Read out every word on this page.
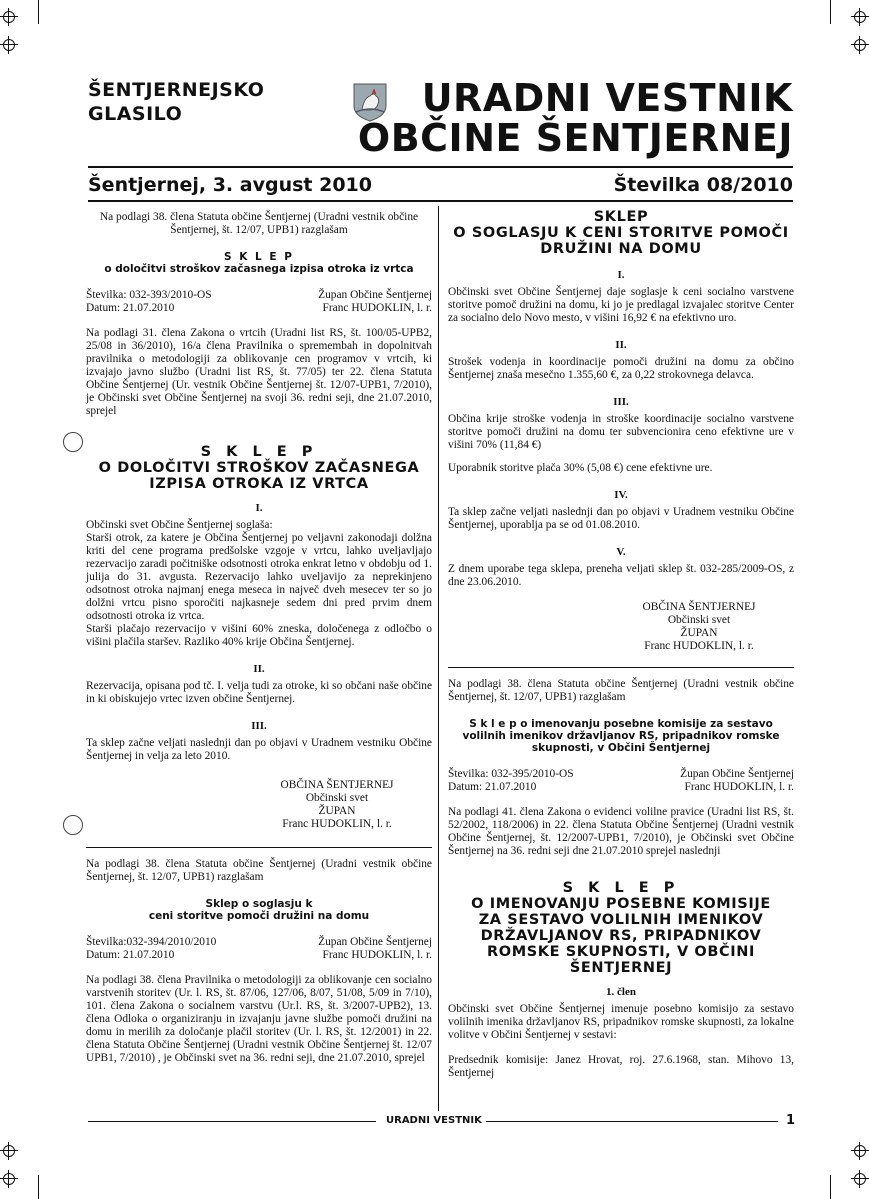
ŠENTJERNEJSKO
GLASILO	URADNI VESTNIK
OBČINE ŠENTJERNEJ
Šentjernej, 3. avgust 2010	Številka 08/2010

Na podlagi 38. člena Statuta občine Šentjernej (Uradni vestnik občine Šentjernej, št. 12/07, UPB1) razglašam

S K L E P
o določitvi stroškov začasnega izpisa otroka iz vrtca
Številka: 032-393/2010-OS
Datum: 21.07.2010
Župan Občine Šentjernej
Franc HUDOKLIN, l. r.

Na podlagi 31. člena Zakona o vrtcih (Uradni list RS, št. 100/05-UPB2, 25/08 in 36/2010), 16/a člena Pravilnika o spremembah in dopolnitvah pravilnika o metodologiji za oblikovanje cen programov v vrtcih, ki izvajajo javno službo (Uradni list RS, št. 77/05) ter 22. člena Statuta Občine Šentjernej (Ur. vestnik Občine Šentjernej št. 12/07-UPB1, 7/2010), je Občinski svet Občine Šentjernej na svoji 36. redni seji, dne 21.07.2010, sprejel

S K L E P
O DOLOČITVI STROŠKOV ZAČASNEGA
IZPISA OTROKA IZ VRTCA
I.
Občinski svet Občine Šentjernej soglaša:
Starši otrok, za katere je Občina Šentjernej po veljavni zakonodaji dolžna kriti del cene programa predšolske vzgoje v vrtcu, lahko uveljavljajo rezervacijo zaradi počitniške odsotnosti otroka enkrat letno v obdobju od 1. julija do 31. avgusta. Rezervacijo lahko uveljavijo za neprekinjeno odsotnost otroka najmanj enega meseca in največ dveh mesecev ter so jo dolžni vrtcu pisno sporočiti najkasneje sedem dni pred prvim dnem odsotnosti otroka iz vrtca.

Starši plačajo rezervacijo v višini 60% zneska, določenega z odločbo o višini plačila staršev. Razliko 40% krije Občina Šentjernej.

II.

Rezervacija, opisana pod tč. I. velja tudi za otroke, ki so občani naše občine in ki obiskujejo vrtec izven občine Šentjernej.

III.

Ta sklep začne veljati naslednji dan po objavi v Uradnem vestniku Občine Šentjernej in velja za leto 2010.

OBČINA ŠENTJERNEJ
Občinski svet
ŽUPAN
Franc HUDOKLIN, l. r.

Na podlagi 38. člena Statuta občine Šentjernej (Uradni vestnik občine Šentjernej, št. 12/07, UPB1) razglašam

Sklep o soglasju k
ceni storitve pomoči družini na domu
Številka:032-394/2010/2010
Datum: 21.07.2010
Župan Občine Šentjernej
Franc HUDOKLIN, l. r.

Na podlagi 38. člena Pravilnika o metodologiji za oblikovanje cen socialno varstvenih storitev (Ur. l. RS, št. 87/06, 127/06, 8/07, 51/08, 5/09 in 7/10), 101. člena Zakona o socialnem varstvu (Ur.l. RS, št. 3/2007-UPB2), 13. člena Odloka o organiziranju in izvajanju javne službe pomoči družini na domu in merilih za določanje plačil storitev (Ur. l. RS, št. 12/2001) in 22. člena Statuta Občine Šentjernej (Uradni vestnik Občine Šentjernej št. 12/07 UPB1, 7/2010) , je Občinski svet na 36. redni seji, dne 21.07.2010, sprejel

SKLEP
O SOGLASJU K CENI STORITVE POMOČI
DRUŽINI NA DOMU
I.

Občinski svet Občine Šentjernej daje soglasje k ceni socialno varstvene storitve pomoč družini na domu, ki jo je predlagal izvajalec storitve Center za socialno delo Novo mesto, v višini 16,92 € na efektivno uro.

II.

Strošek vodenja in koordinacije pomoči družini na domu za občino Šentjernej znaša mesečno 1.355,60 €, za 0,22 strokovnega delavca.

III.

Občina krije stroške vodenja in stroške koordinacije socialno varstvene storitve pomoči družini na domu ter subvencionira ceno efektivne ure v višini 70% (11,84 €)

Uporabnik storitve plača 30% (5,08 €) cene efektivne ure.

IV.

Ta sklep začne veljati naslednji dan po objavi v Uradnem vestniku Občine Šentjernej, uporablja pa se od 01.08.2010.

V.

Z dnem uporabe tega sklepa, preneha veljati sklep št. 032-285/2009-OS, z dne 23.06.2010.

OBČINA ŠENTJERNEJ
Občinski svet
ŽUPAN
Franc HUDOKLIN, l. r.

Na podlagi 38. člena Statuta občine Šentjernej (Uradni vestnik občine Šentjernej, št. 12/07, UPB1) razglašam

S k l e p o imenovanju posebne komisije za sestavo
volilnih imenikov državljanov RS, pripadnikov romske
skupnosti, v Občini Šentjernej
Številka: 032-395/2010-OS
Datum: 21.07.2010
Župan Občine Šentjernej
Franc HUDOKLIN, l. r.

Na podlagi 41. člena Zakona o evidenci volilne pravice (Uradni list RS, št. 52/2002, 118/2006) in 22. člena Statuta Občine Šentjernej (Uradni vestnik Občine Šentjernej, št. 12/2007-UPB1, 7/2010), je Občinski svet Občine Šentjernej na 36. redni seji dne 21.07.2010 sprejel naslednji

S K L E P
O IMENOVANJU POSEBNE KOMISIJE
ZA SESTAVO VOLILNIH IMENIKOV
DRŽAVLJANOV RS, PRIPADNIKOV
ROMSKE SKUPNOSTI, V OBČINI
ŠENTJERNEJ
1. člen

Občinski svet Občine Šentjernej imenuje posebno komisijo za sestavo volilnih imenika državljanov RS, pripadnikov romske skupnosti, za lokalne volitve v Občini Šentjernej v sestavi:

Predsednik komisije: Janez Hrovat, roj. 27.6.1968, stan. Mihovo 13, Šentjernej

URADNI VESTNIK	1
